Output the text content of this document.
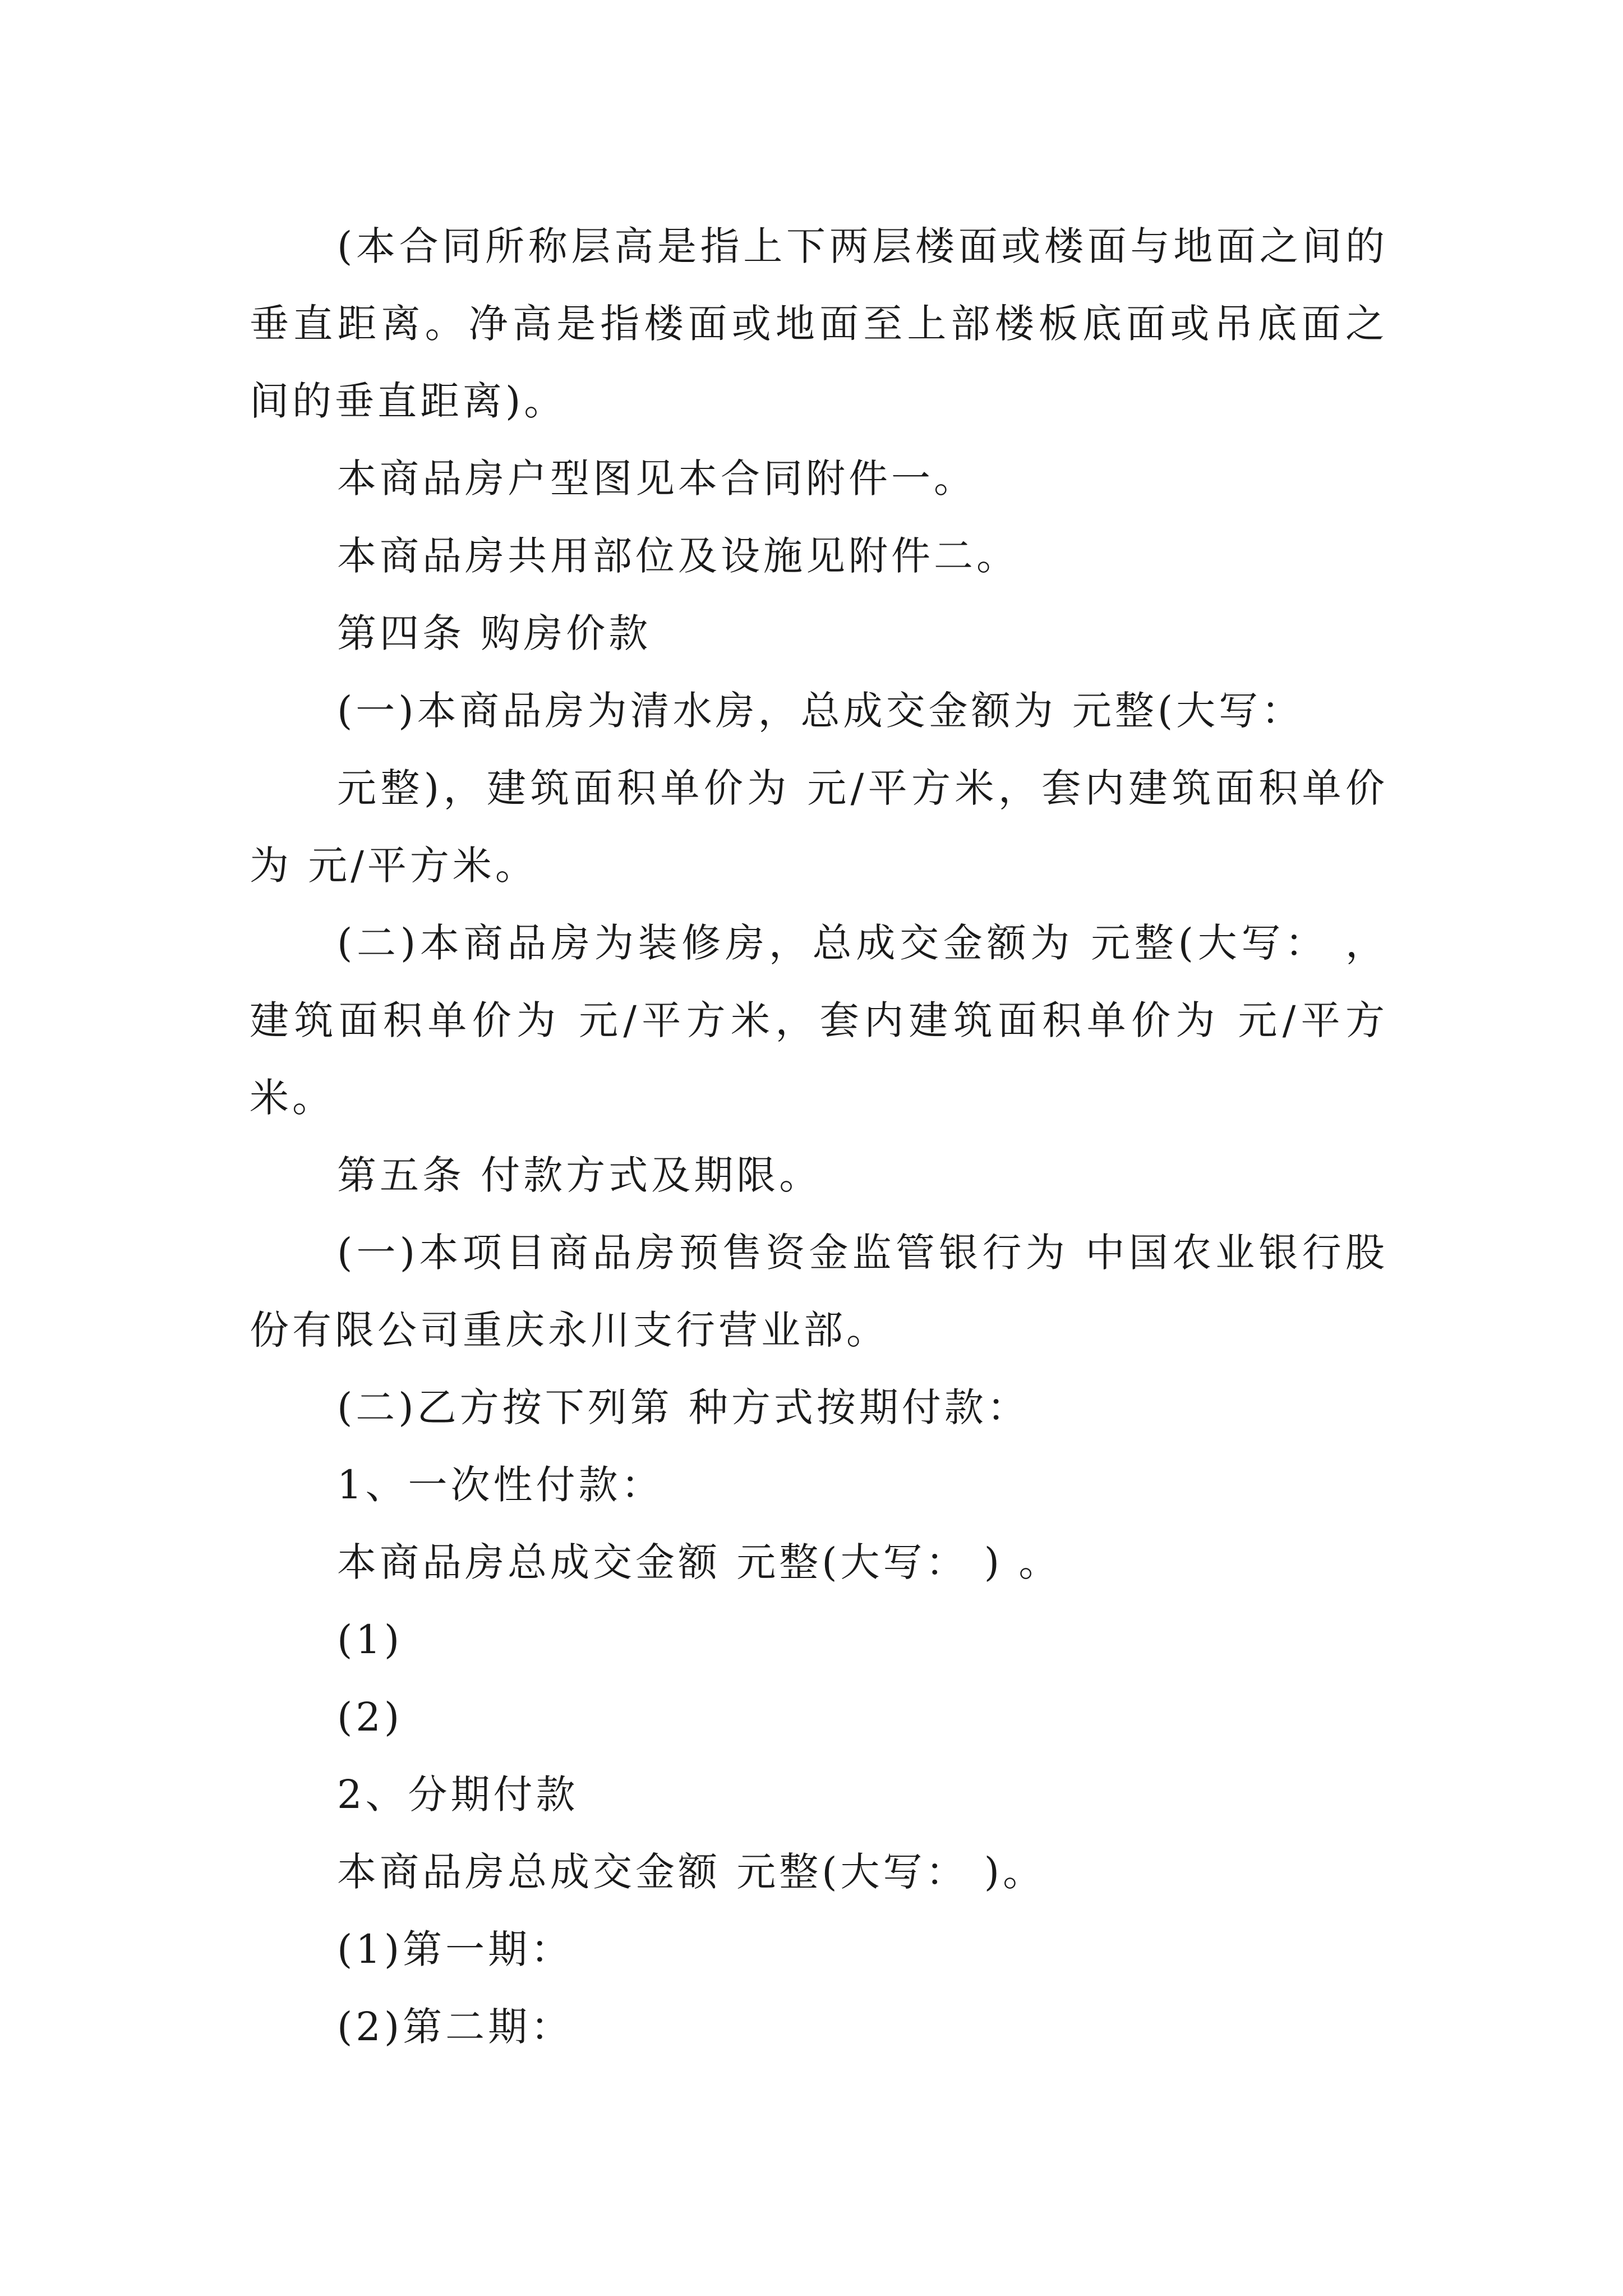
(本合同所称层高是指上下两层楼面或楼面与地面之间的垂直距离。净高是指楼面或地面至上部楼板底面或吊底面之间的垂直距离)。

本商品房户型图见本合同附件一。

本商品房共用部位及设施见附件二。

第四条 购房价款

(一)本商品房为清水房，总成交金额为 元整(大写：

元整)，建筑面积单价为 元/平方米，套内建筑面积单价为 元/平方米。

(二)本商品房为装修房，总成交金额为 元整(大写： ，建筑面积单价为 元/平方米，套内建筑面积单价为 元/平方米。

第五条 付款方式及期限。

(一)本项目商品房预售资金监管银行为 中国农业银行股份有限公司重庆永川支行营业部。

(二)乙方按下列第 种方式按期付款：

1、一次性付款：

本商品房总成交金额 元整(大写： ) 。

(1)

(2)

2、分期付款

本商品房总成交金额 元整(大写： )。

(1)第一期：

(2)第二期：
